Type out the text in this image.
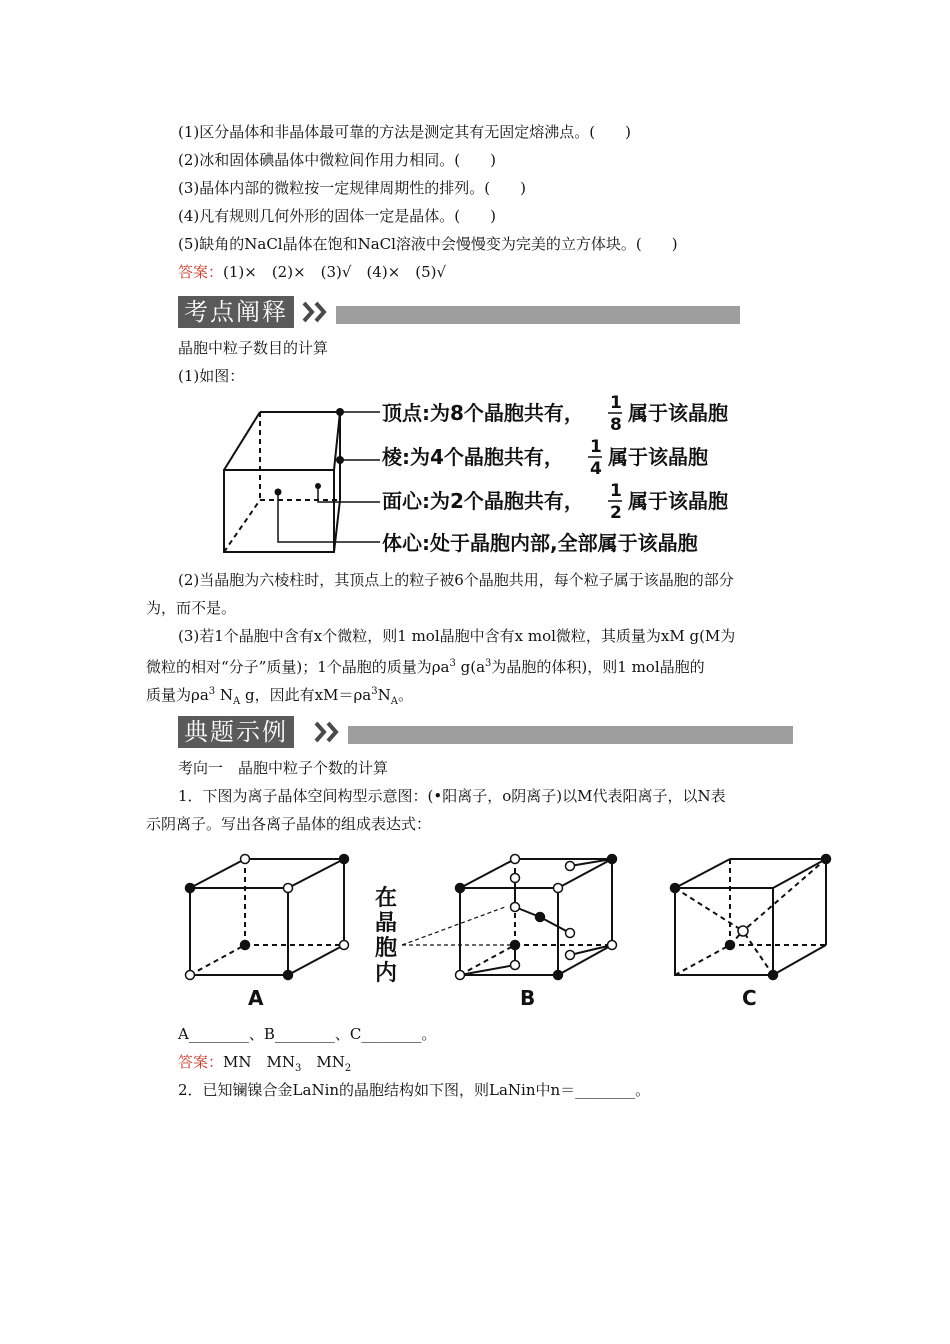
(1)区分晶体和非晶体最可靠的方法是测定其有无固定熔沸点。(　　)
(2)冰和固体碘晶体中微粒间作用力相同。(　　)
(3)晶体内部的微粒按一定规律周期性的排列。(　　)
(4)凡有规则几何外形的固体一定是晶体。(　　)
(5)缺角的NaCl晶体在饱和NaCl溶液中会慢慢变为完美的立方体块。(　　)
答案：(1)×　(2)×　(3)√　(4)×　(5)√
考点阐释
晶胞中粒子数目的计算
(1)如图：
顶点:为8个晶胞共有， 1
8 属于该晶胞
棱:为4个晶胞共有， 1
4 属于该晶胞
面心:为2个晶胞共有， 1
2 属于该晶胞
体心:处于晶胞内部,全部属于该晶胞
(2)当晶胞为六棱柱时，其顶点上的粒子被6个晶胞共用，每个粒子属于该晶胞的部分
为，而不是。
(3)若1个晶胞中含有x个微粒，则1 mol晶胞中含有x mol微粒，其质量为xM g(M为
微粒的相对“分子”质量)；1个晶胞的质量为$\rho a^3$ $g(a^3$为晶胞的体积)，则1 mol晶胞的
质量为$\rho a^3$ $N_A$ g，因此有$xM=\rho a^3N_A$。
典题示例
考向一　晶胞中粒子个数的计算
1．下图为离子晶体空间构型示意图：(•阳离子，o阴离子)以M代表阳离子，以N表
示阴离子。写出各离子晶体的组成表达式：
在
晶
胞
内
A	B	C
A________、B________、C________。
答案：MN　$MN_3$　$MN_2$
2．已知镧镍合金LaNin的晶胞结构如下图，则LaNin中n＝________。
